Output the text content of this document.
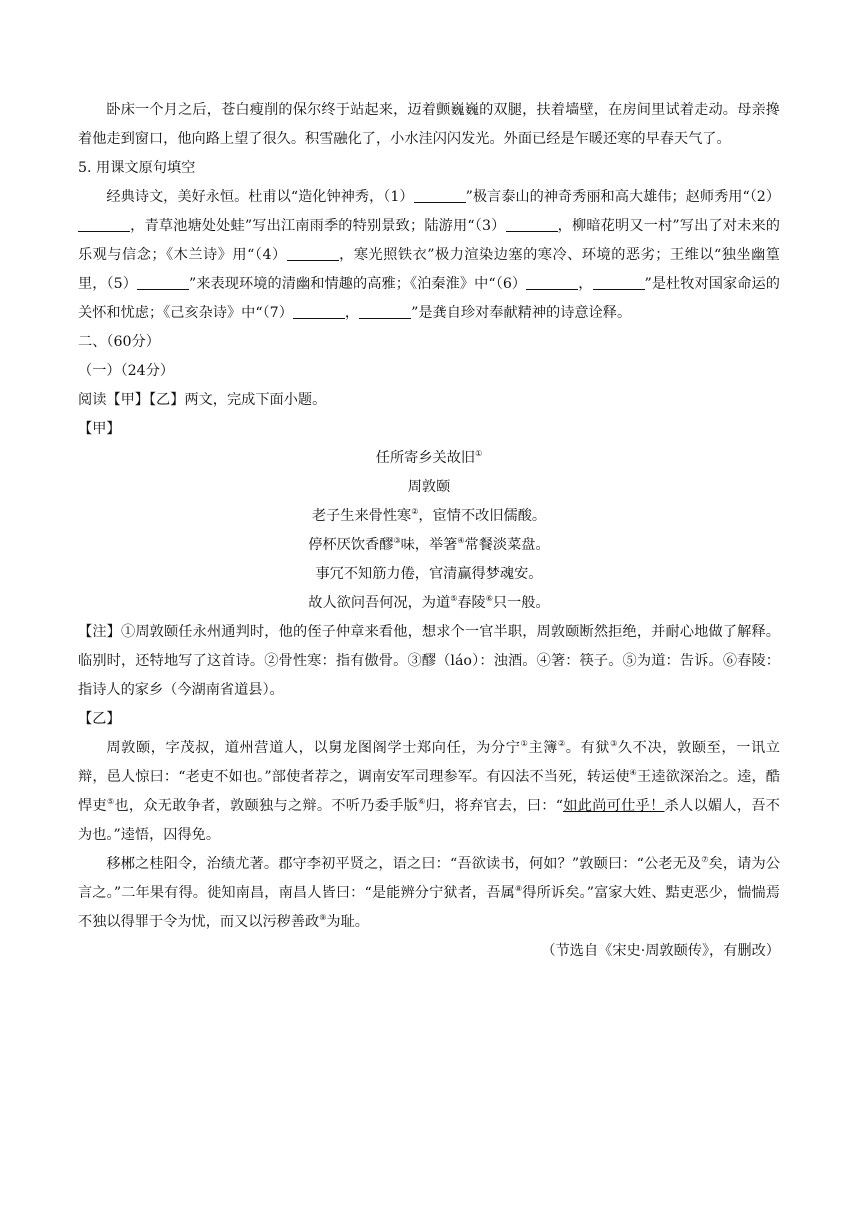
卧床一个月之后，苍白瘦削的保尔终于站起来，迈着颤巍巍的双腿，扶着墙壁，在房间里试着走动。母亲搀着他走到窗口，他向路上望了很久。积雪融化了，小水洼闪闪发光。外面已经是乍暖还寒的早春天气了。

5. 用课文原句填空

经典诗文，美好永恒。杜甫以“造化钟神秀，（1）	”极言泰山的神奇秀丽和高大雄伟；赵师秀用“（2），青草池塘处处蛙”写出江南雨季的特别景致；陆游用“（3）	，柳暗花明又一村”写出了对未来的乐观与信念；《木兰诗》用“（4）	，寒光照铁衣”极力渲染边塞的寒冷、环境的恶劣；王维以“独坐幽篁里，（5）	”来表现环境的清幽和情趣的高雅；《泊秦淮》中“（6）	，	”是杜牧对国家命运的关怀和忧虑；《己亥杂诗》中“（7）	，	”是龚自珍对奉献精神的诗意诠释。

二、（60分）

（一）（24分）

阅读【甲】【乙】两文，完成下面小题。

【甲】

任所寄乡关故旧①

周敦颐

老子生来骨性寒②，宦情不改旧儒酸。

停杯厌饮香醪③味，举箸④常餐淡菜盘。

事冗不知筋力倦，官清赢得梦魂安。

故人欲问吾何况，为道⑤春陵⑥只一般。

【注】①周敦颐任永州通判时，他的侄子仲章来看他，想求个一官半职，周敦颐断然拒绝，并耐心地做了解释。临别时，还特地写了这首诗。②骨性寒：指有傲骨。③醪（láo）：浊酒。④箸：筷子。⑤为道：告诉。⑥春陵：指诗人的家乡（今湖南省道县）。

【乙】

周敦颐，字茂叔，道州营道人，以舅龙图阁学士郑向任，为分宁①主簿②。有狱③久不决，敦颐至，一讯立辩，邑人惊曰：“老吏不如也。”部使者荐之，调南安军司理参军。有囚法不当死，转运使④王逵欲深治之。逵，酷悍吏⑤也，众无敢争者，敦颐独与之辩。不听乃委手版⑥归，将弃官去，曰：“如此尚可仕乎！杀人以媚人，吾不为也。”逵悟，囚得免。

移郴之桂阳令，治绩尤著。郡守李初平贤之，语之曰：“吾欲读书，何如？”敦颐曰：“公老无及⑦矣，请为公言之。”二年果有得。徙知南昌，南昌人皆曰：“是能辨分宁狱者，吾属⑧得所诉矣。”富家大姓、黠吏恶少，惴惴焉不独以得罪于令为忧，而又以污秽善政⑨为耻。

（节选自《宋史·周敦颐传》，有删改）
